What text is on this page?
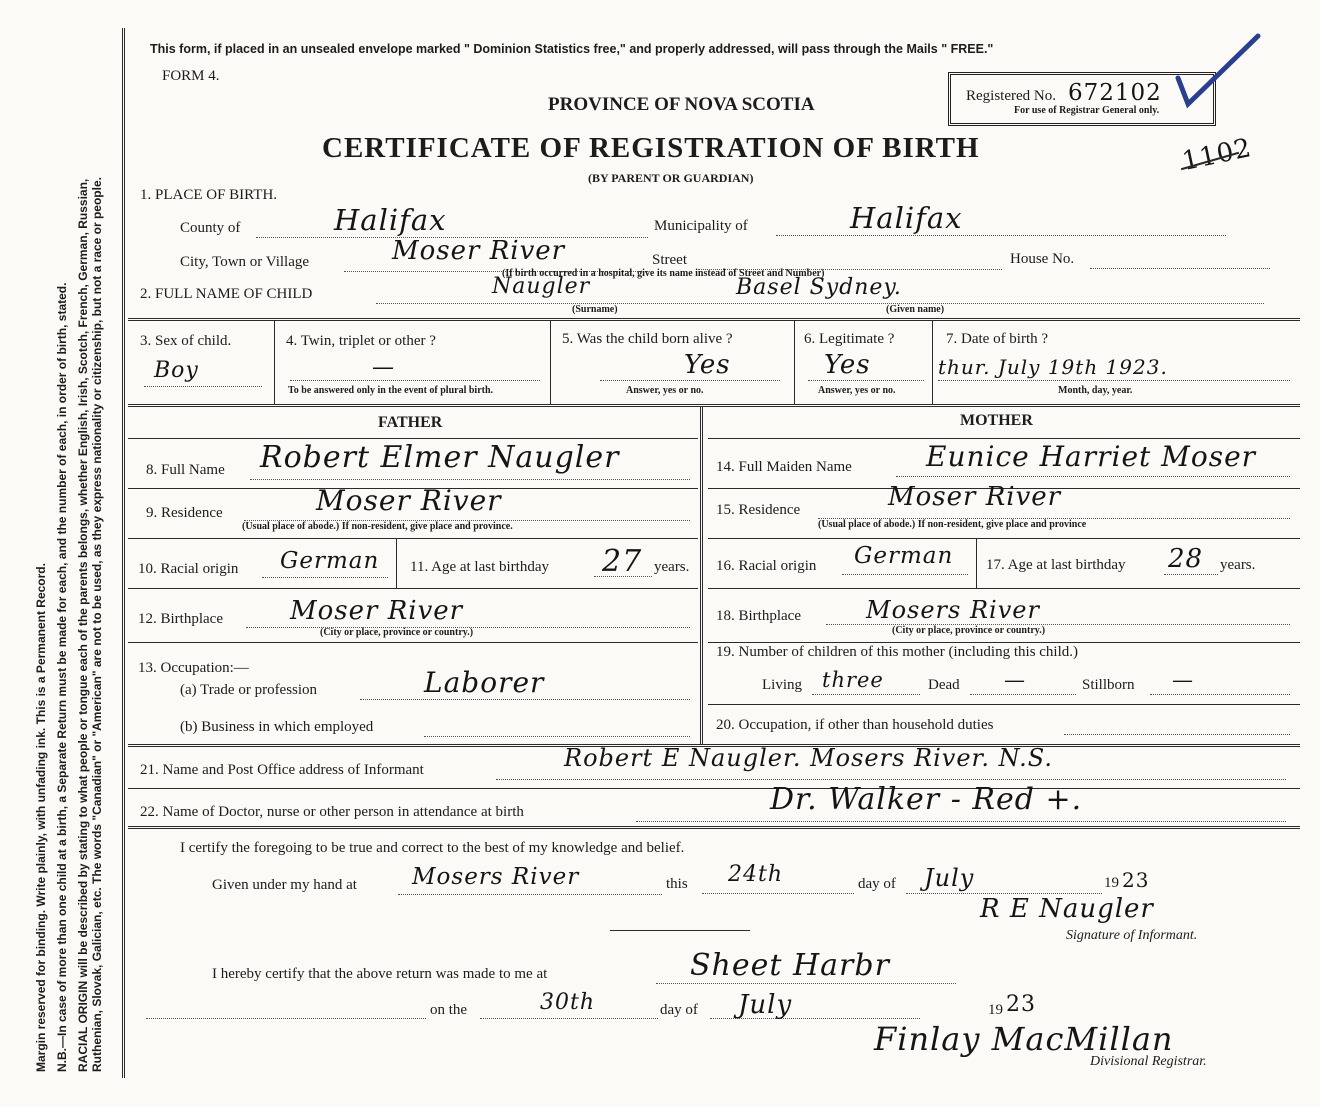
Margin reserved for binding. Write plainly, with unfading ink. This is a Permanent Record. N.B.—In case of more than one child at a birth, a Separate Return must be made for each, and the number of each, in order of birth, stated. RACIAL ORIGIN will be described by stating to what people or tongue each of the parents belongs, whether English, Irish, Scotch, French, German, Russian, Ruthenian, Slovak, Galician, etc. The words "Canadian" or "American" are not to be used, as they express nationality or citizenship, but not a race or people.
This form, if placed in an unsealed envelope marked " Dominion Statistics free," and properly addressed, will pass through the Mails " FREE."
FORM 4.
PROVINCE OF NOVA SCOTIA
CERTIFICATE OF REGISTRATION OF BIRTH
(BY PARENT OR GUARDIAN)
Registered No. 672102
For use of Registrar General only.
1102
1. PLACE OF BIRTH.
County of	Halifax	Municipality of	Halifax
City, Town or Village	Moser River	Street	House No.
(If birth occurred in a hospital, give its name instead of Street and Number)
2. FULL NAME OF CHILD	Naugler	Basel Sydney.
(Surname)	(Given name)
3. Sex of child.
Boy
4. Twin, triplet or other ?
—
To be answered only in the event of plural birth.
5. Was the child born alive ?
Yes
Answer, yes or no.
6. Legitimate ?
Yes
Answer, yes or no.
7. Date of birth ?
thur. July 19th 1923.
Month, day, year.
FATHER	MOTHER
8. Full Name Robert Elmer Naugler
9. Residence	Moser River
(Usual place of abode.) If non-resident, give place and province.
10. Racial origin German 11. Age at last birthday 27 years.
12. Birthplace	Moser River
(City or place, province or country.)
13. Occupation:—
(a) Trade or profession	Laborer
(b) Business in which employed
14. Full Maiden Name	Eunice Harriet Moser
15. Residence	Moser River
(Usual place of abode.) If non-resident, give place and province
16. Racial origin German 17. Age at last birthday 28 years.
18. Birthplace	Mosers River
(City or place, province or country.)
19. Number of children of this mother (including this child.)
Living three	Dead —	Stillborn —
20. Occupation, if other than household duties
21. Name and Post Office address of Informant	Robert E Naugler. Mosers River. N.S.
22. Name of Doctor, nurse or other person in attendance at birth	Dr. Walker - Red +.
I certify the foregoing to be true and correct to the best of my knowledge and belief.
Given under my hand at Mosers River	this 24th	day of July	19 23
R E Naugler
Signature of Informant.
I hereby certify that the above return was made to me at	Sheet Harbr
on the	30th	day of July	19 23
Finlay MacMillan
Divisional Registrar.
